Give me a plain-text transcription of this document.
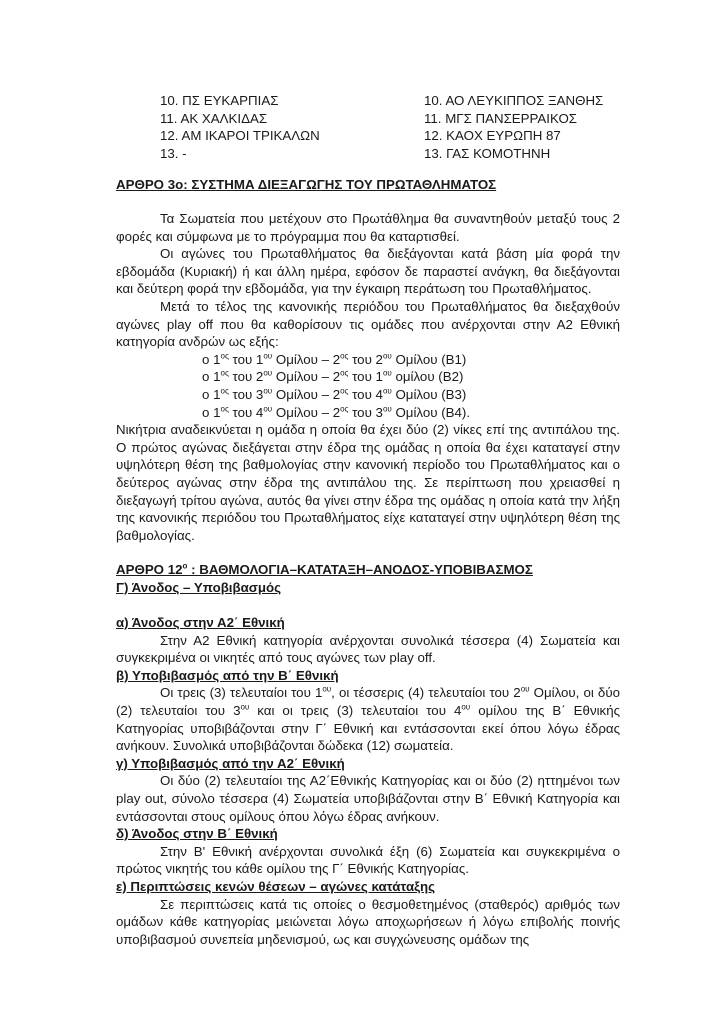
10. ΠΣ ΕΥΚΑΡΠΙΑΣ	10. ΑΟ ΛΕΥΚΙΠΠΟΣ ΞΑΝΘΗΣ
11. ΑΚ ΧΑΛΚΙΔΑΣ	11. ΜΓΣ ΠΑΝΣΕΡΡΑΙΚΟΣ
12. ΑΜ ΙΚΑΡΟΙ ΤΡΙΚΑΛΩΝ	12. ΚΑΟΧ ΕΥΡΩΠΗ 87
13. -	13. ΓΑΣ ΚΟΜΟΤΗΝΗ
ΑΡΘΡΟ 3ο: ΣΥΣΤΗΜΑ ΔΙΕΞΑΓΩΓΗΣ ΤΟΥ ΠΡΩΤΑΘΛΗΜΑΤΟΣ

Τα Σωματεία που μετέχουν στο Πρωτάθλημα θα συναντηθούν μεταξύ τους 2 φορές και σύμφωνα με το πρόγραμμα που θα καταρτισθεί.

Οι αγώνες του Πρωταθλήματος θα διεξάγονται κατά βάση μία φορά την εβδομάδα (Κυριακή) ή και άλλη ημέρα, εφόσον δε παραστεί ανάγκη, θα διεξάγονται και δεύτερη φορά την εβδομάδα, για την έγκαιρη περάτωση του Πρωταθλήματος.

Μετά το τέλος της κανονικής περιόδου του Πρωταθλήματος θα διεξαχθούν αγώνες play off που θα καθορίσουν τις ομάδες που ανέρχονται στην Α2 Εθνική κατηγορία ανδρών ως εξής:

ο $1^{o\varsigma}$ του $1^{o\upsilon}$ Ομίλου – $2^{o\varsigma}$ του $2^{o\upsilon}$ Ομίλου (Β1)

ο $1^{o\varsigma}$ του $2^{o\upsilon}$ Ομίλου – $2^{o\varsigma}$ του $1^{o\upsilon}$ ομίλου (Β2)

ο $1^{o\varsigma}$ του $3^{o\upsilon}$ Ομίλου – $2^{o\varsigma}$ του $4^{o\upsilon}$ Ομίλου (Β3)

ο $1^{o\varsigma}$ του $4^{o\upsilon}$ Ομίλου – $2^{o\varsigma}$ του $3^{o\upsilon}$ Ομίλου (Β4).

Νικήτρια αναδεικνύεται η ομάδα η οποία θα έχει δύο (2) νίκες επί της αντιπάλου της. Ο πρώτος αγώνας διεξάγεται στην έδρα της ομάδας η οποία θα έχει καταταγεί στην υψηλότερη θέση της βαθμολογίας στην κανονική περίοδο του Πρωταθλήματος και ο δεύτερος αγώνας στην έδρα της αντιπάλου της. Σε περίπτωση που χρειασθεί η διεξαγωγή τρίτου αγώνα, αυτός θα γίνει στην έδρα της ομάδας η οποία κατά την λήξη της κανονικής περιόδου του Πρωταθλήματος είχε καταταγεί στην υψηλότερη θέση της βαθμολογίας.

ΑΡΘΡΟ $12^o$ : ΒΑΘΜΟΛΟΓΙΑ–ΚΑΤΑΤΑΞΗ–ΑΝΟΔΟΣ-ΥΠΟΒΙΒΑΣΜΟΣ
Γ) Άνοδος – Υποβιβασμός
α) Άνοδος στην Α2΄ Εθνική

Στην Α2 Εθνική κατηγορία ανέρχονται συνολικά τέσσερα (4) Σωματεία και συγκεκριμένα οι νικητές από τους αγώνες των play off.

β) Υποβιβασμός από την Β΄ Εθνική

Οι τρεις (3) τελευταίοι του $1^{o\upsilon}$, οι τέσσερις (4) τελευταίοι του $2^{o\upsilon}$ Ομίλου, οι δύο (2) τελευταίοι του $3^{o\upsilon}$ και οι τρεις (3) τελευταίοι του $4^{o\upsilon}$ ομίλου της Β΄ Εθνικής Κατηγορίας υποβιβάζονται στην Γ΄ Εθνική και εντάσσονται εκεί όπου λόγω έδρας ανήκουν. Συνολικά υποβιβάζονται δώδεκα (12) σωματεία.

γ) Υποβιβασμός από την Α2΄ Εθνική

Οι δύο (2) τελευταίοι της Α2΄Εθνικής Κατηγορίας και οι δύο (2) ηττημένοι των play out, σύνολο τέσσερα (4) Σωματεία υποβιβάζονται στην Β΄ Εθνική Κατηγορία και εντάσσονται στους ομίλους όπου λόγω έδρας ανήκουν.

δ) Άνοδος στην Β΄ Εθνική

Στην Β' Εθνική ανέρχονται συνολικά έξη (6) Σωματεία και συγκεκριμένα ο πρώτος νικητής του κάθε ομίλου της Γ΄ Εθνικής Κατηγορίας.

ε) Περιπτώσεις κενών θέσεων – αγώνες κατάταξης

Σε περιπτώσεις κατά τις οποίες ο θεσμοθετημένος (σταθερός) αριθμός των ομάδων κάθε κατηγορίας μειώνεται λόγω αποχωρήσεων ή λόγω επιβολής ποινής υποβιβασμού συνεπεία μηδενισμού, ως και συγχώνευσης ομάδων της
